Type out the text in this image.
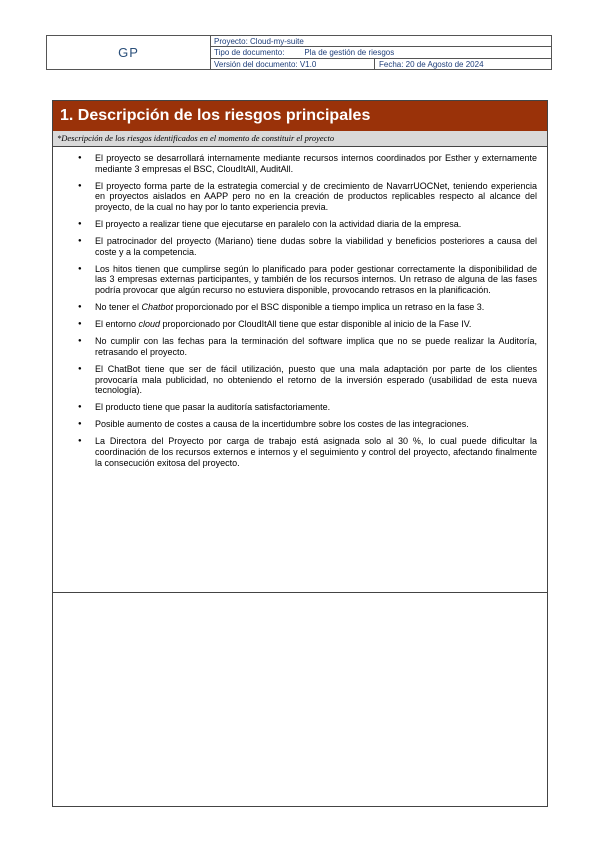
GP
Proyecto: Cloud-my-suite
Tipo de documento:	Pla de gestión de riesgos
Versión del documento: V1.0	Fecha: 20 de Agosto de 2024
1. Descripción de los riesgos principales
*Descripción de los riesgos identificados en el momento de constituir el proyecto
● El proyecto se desarrollará internamente mediante recursos internos coordinados por Esther y externamente mediante 3 empresas el BSC, CloudItAll, AuditAll.
● El proyecto forma parte de la estrategia comercial y de crecimiento de NavarrUOCNet, teniendo experiencia en proyectos aislados en AAPP pero no en la creación de productos replicables respecto al alcance del proyecto, de la cual no hay por lo tanto experiencia previa.
● El proyecto a realizar tiene que ejecutarse en paralelo con la actividad diaria de la empresa.
● El patrocinador del proyecto (Mariano) tiene dudas sobre la viabilidad y beneficios posteriores a causa del coste y a la competencia.
● Los hitos tienen que cumplirse según lo planificado para poder gestionar correctamente la disponibilidad de las 3 empresas externas participantes, y también de los recursos internos. Un retraso de alguna de las fases podría provocar que algún recurso no estuviera disponible, provocando retrasos en la planificación.
● No tener el Chatbot proporcionado por el BSC disponible a tiempo implica un retraso en la fase 3.
● El entorno cloud proporcionado por CloudItAll tiene que estar disponible al inicio de la Fase IV.
● No cumplir con las fechas para la terminación del software implica que no se puede realizar la Auditoría, retrasando el proyecto.
● El ChatBot tiene que ser de fácil utilización, puesto que una mala adaptación por parte de los clientes provocaría mala publicidad, no obteniendo el retorno de la inversión esperado (usabilidad de esta nueva tecnología).
● El producto tiene que pasar la auditoría satisfactoriamente.
● Posible aumento de costes a causa de la incertidumbre sobre los costes de las integraciones.
● La Directora del Proyecto por carga de trabajo está asignada solo al 30 %, lo cual puede dificultar la coordinación de los recursos externos e internos y el seguimiento y control del proyecto, afectando finalmente la consecución exitosa del proyecto.
